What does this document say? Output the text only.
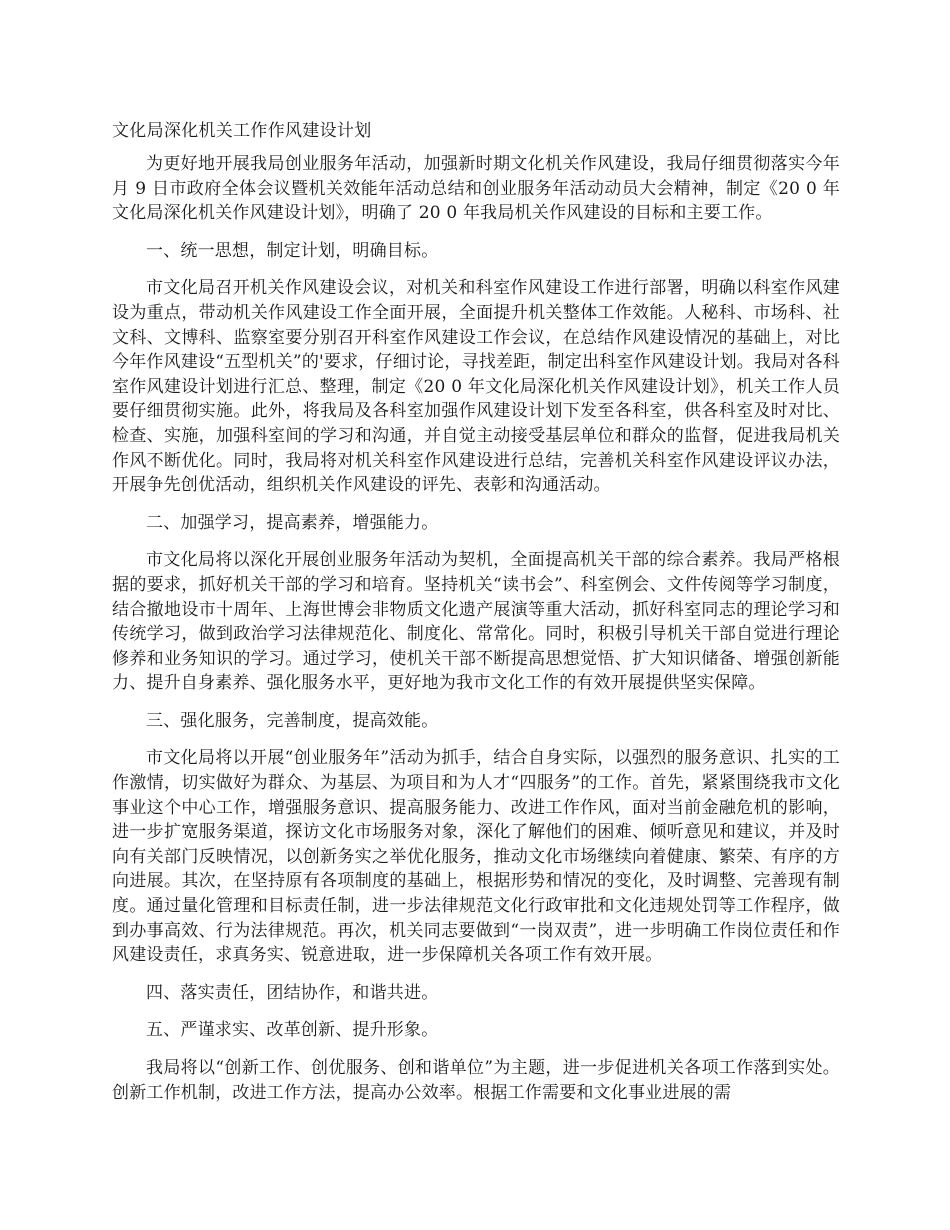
文化局深化机关工作作风建设计划

为更好地开展我局创业服务年活动，加强新时期文化机关作风建设，我局仔细贯彻落实今年 月 9 日市政府全体会议暨机关效能年活动总结和创业服务年活动动员大会精神，制定《20 0 年文化局深化机关作风建设计划》，明确了 20 0 年我局机关作风建设的目标和主要工作。

一、统一思想，制定计划，明确目标。

市文化局召开机关作风建设会议，对机关和科室作风建设工作进行部署，明确以科室作风建设为重点，带动机关作风建设工作全面开展，全面提升机关整体工作效能。人秘科、市场科、社文科、文博科、监察室要分别召开科室作风建设工作会议，在总结作风建设情况的基础上，对比今年作风建设“五型机关”的'要求，仔细讨论，寻找差距，制定出科室作风建设计划。我局对各科室作风建设计划进行汇总、整理，制定《20 0 年文化局深化机关作风建设计划》，机关工作人员要仔细贯彻实施。此外，将我局及各科室加强作风建设计划下发至各科室，供各科室及时对比、检查、实施，加强科室间的学习和沟通，并自觉主动接受基层单位和群众的监督，促进我局机关作风不断优化。同时，我局将对机关科室作风建设进行总结，完善机关科室作风建设评议办法，开展争先创优活动，组织机关作风建设的评先、表彰和沟通活动。

二、加强学习，提高素养，增强能力。

市文化局将以深化开展创业服务年活动为契机，全面提高机关干部的综合素养。我局严格根据的要求，抓好机关干部的学习和培育。坚持机关“读书会”、科室例会、文件传阅等学习制度，结合撤地设市十周年、上海世博会非物质文化遗产展演等重大活动，抓好科室同志的理论学习和传统学习，做到政治学习法律规范化、制度化、常常化。同时，积极引导机关干部自觉进行理论修养和业务知识的学习。通过学习，使机关干部不断提高思想觉悟、扩大知识储备、增强创新能力、提升自身素养、强化服务水平，更好地为我市文化工作的有效开展提供坚实保障。

三、强化服务，完善制度，提高效能。

市文化局将以开展“创业服务年”活动为抓手，结合自身实际，以强烈的服务意识、扎实的工作激情，切实做好为群众、为基层、为项目和为人才“四服务”的工作。首先，紧紧围绕我市文化事业这个中心工作，增强服务意识、提高服务能力、改进工作作风，面对当前金融危机的影响，进一步扩宽服务渠道，探访文化市场服务对象，深化了解他们的困难、倾听意见和建议，并及时向有关部门反映情况，以创新务实之举优化服务，推动文化市场继续向着健康、繁荣、有序的方向进展。其次，在坚持原有各项制度的基础上，根据形势和情况的变化，及时调整、完善现有制度。通过量化管理和目标责任制，进一步法律规范文化行政审批和文化违规处罚等工作程序，做到办事高效、行为法律规范。再次，机关同志要做到“一岗双责”，进一步明确工作岗位责任和作风建设责任，求真务实、锐意进取，进一步保障机关各项工作有效开展。

四、落实责任，团结协作，和谐共进。

五、严谨求实、改革创新、提升形象。

我局将以“创新工作、创优服务、创和谐单位”为主题，进一步促进机关各项工作落到实处。创新工作机制，改进工作方法，提高办公效率。根据工作需要和文化事业进展的需
